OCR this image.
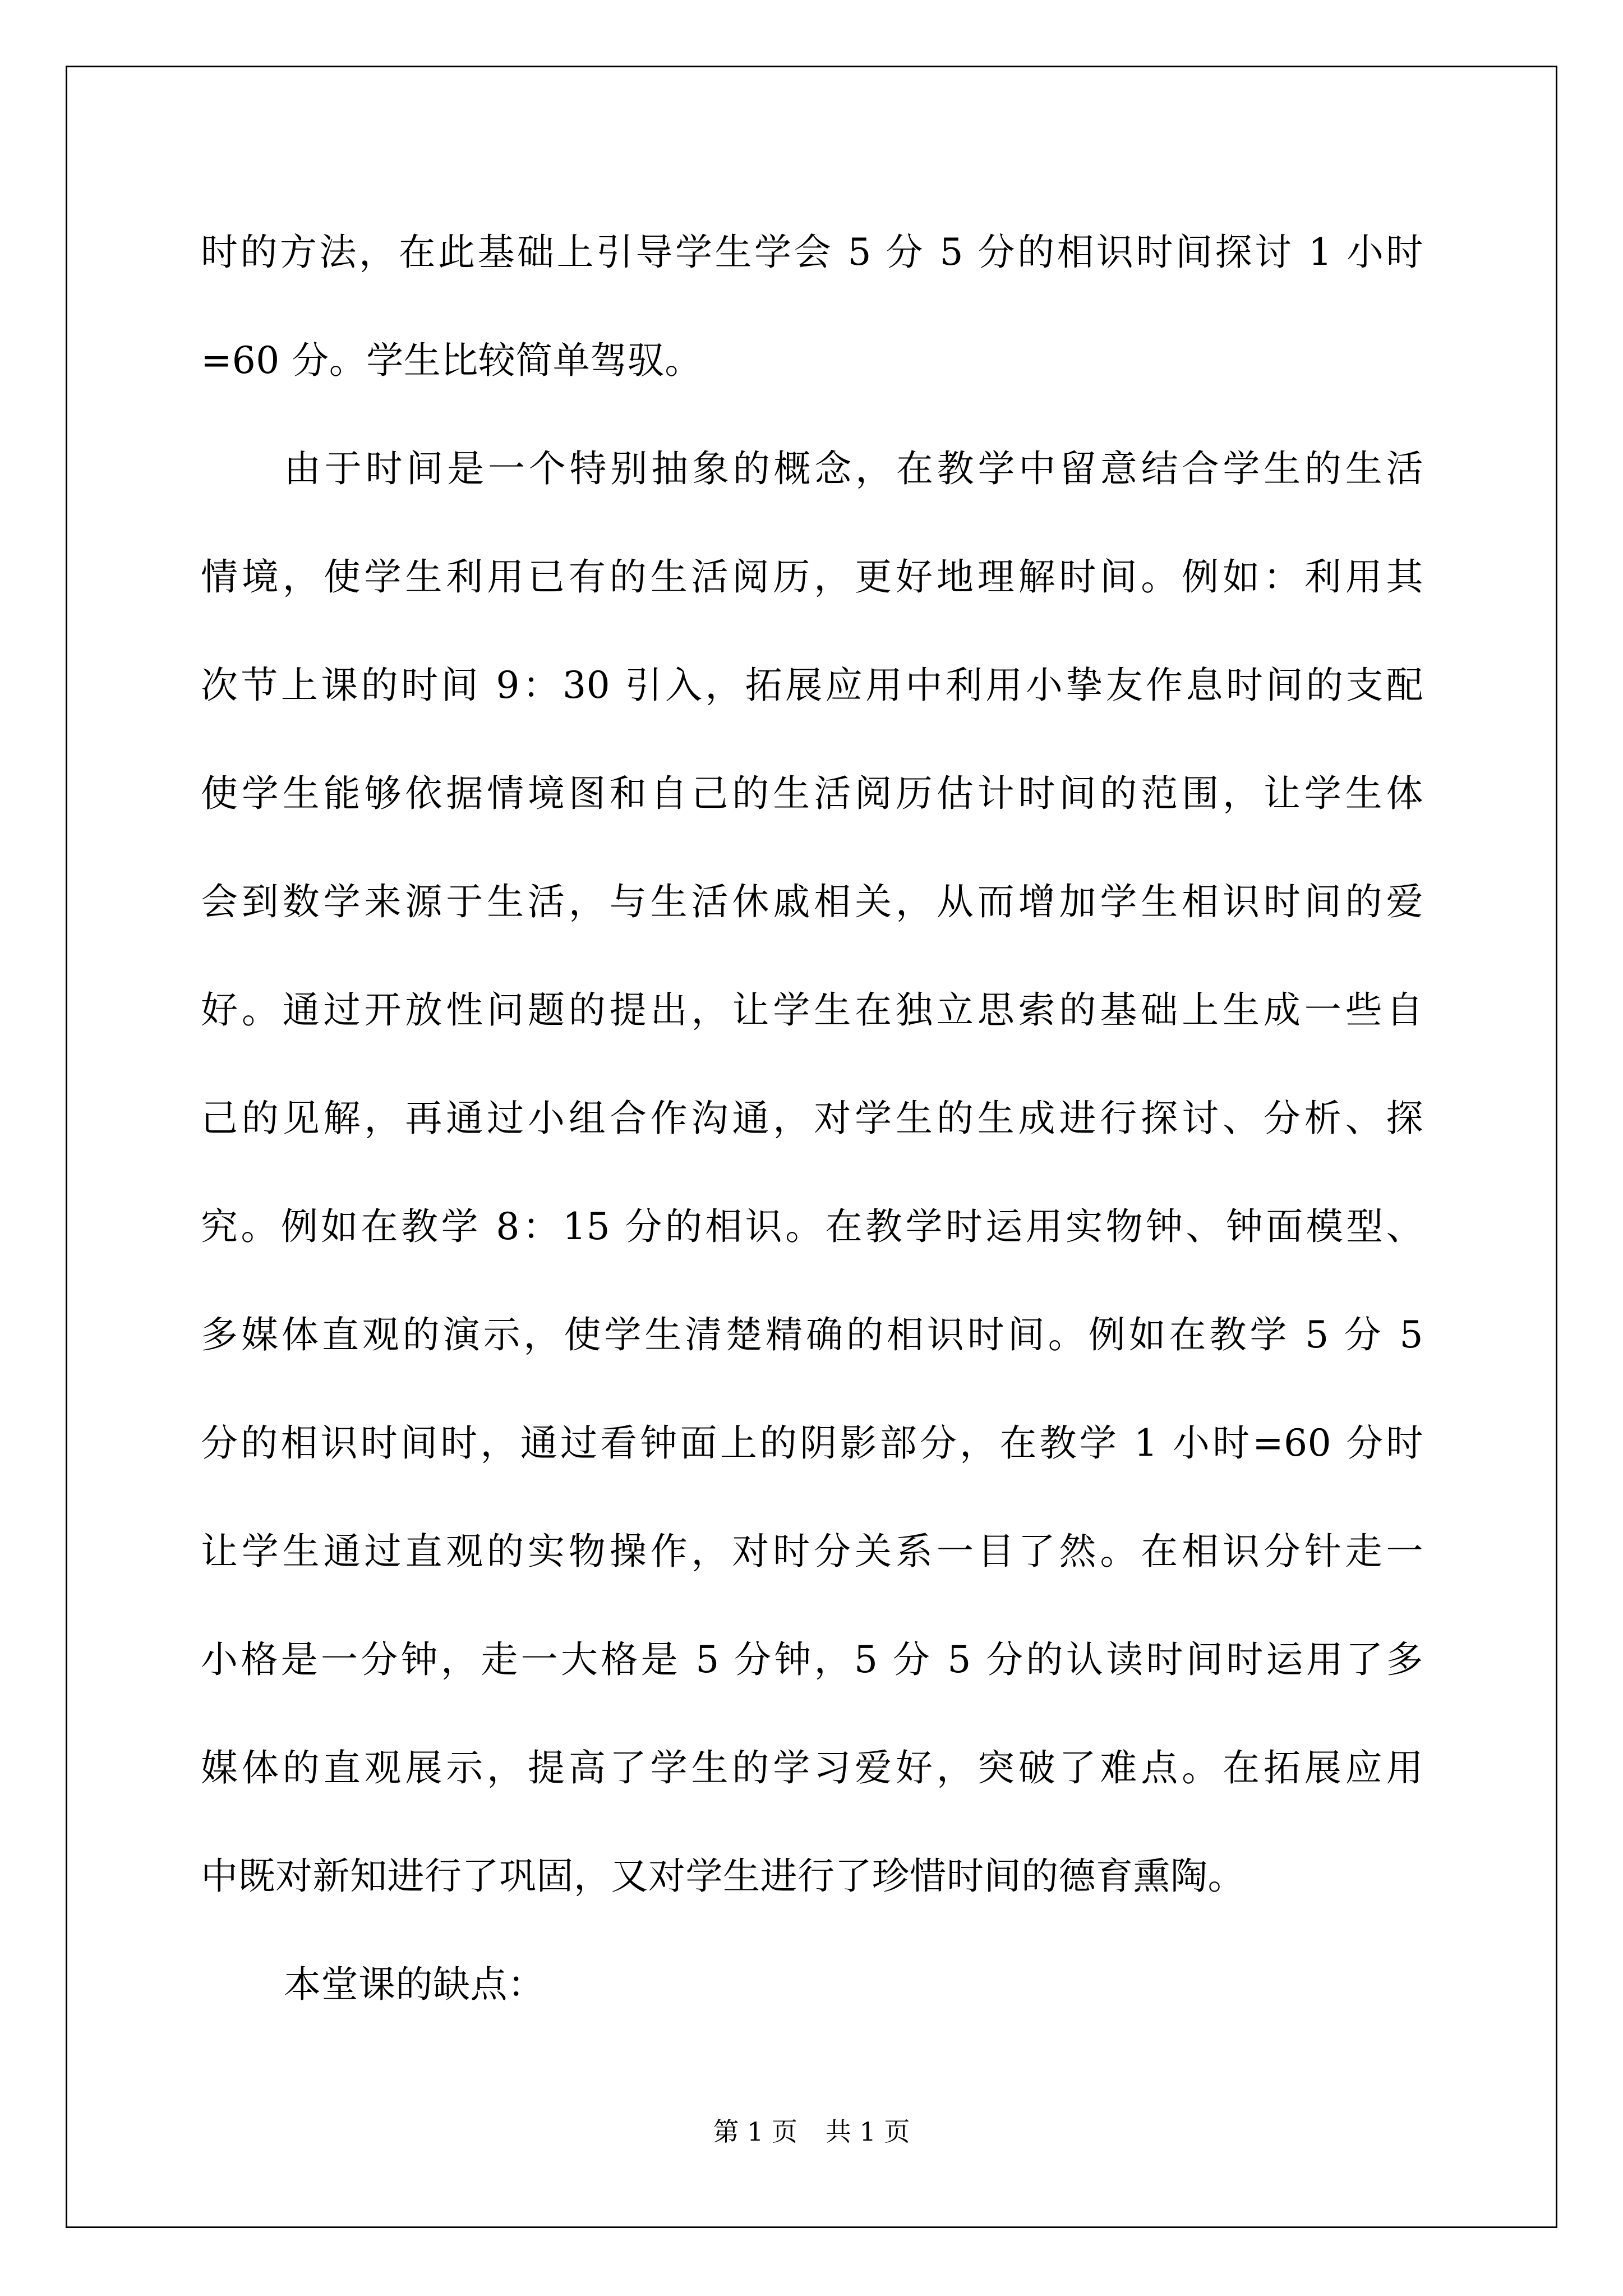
时的方法，在此基础上引导学生学会 5 分 5 分的相识时间探讨 1 小时
=60 分。学生比较简单驾驭。
由于时间是一个特别抽象的概念，在教学中留意结合学生的生活
情境，使学生利用已有的生活阅历，更好地理解时间。例如：利用其
次节上课的时间 9：30 引入，拓展应用中利用小挚友作息时间的支配
使学生能够依据情境图和自己的生活阅历估计时间的范围，让学生体
会到数学来源于生活，与生活休戚相关，从而增加学生相识时间的爱
好。通过开放性问题的提出，让学生在独立思索的基础上生成一些自
己的见解，再通过小组合作沟通，对学生的生成进行探讨、分析、探
究。例如在教学 8：15 分的相识。在教学时运用实物钟、钟面模型、
多媒体直观的演示，使学生清楚精确的相识时间。例如在教学 5 分 5
分的相识时间时，通过看钟面上的阴影部分，在教学 1 小时=60 分时
让学生通过直观的实物操作，对时分关系一目了然。在相识分针走一
小格是一分钟，走一大格是 5 分钟，5 分 5 分的认读时间时运用了多
媒体的直观展示，提高了学生的学习爱好，突破了难点。在拓展应用
中既对新知进行了巩固，又对学生进行了珍惜时间的德育熏陶。
本堂课的缺点：
第 1 页 共 1 页
